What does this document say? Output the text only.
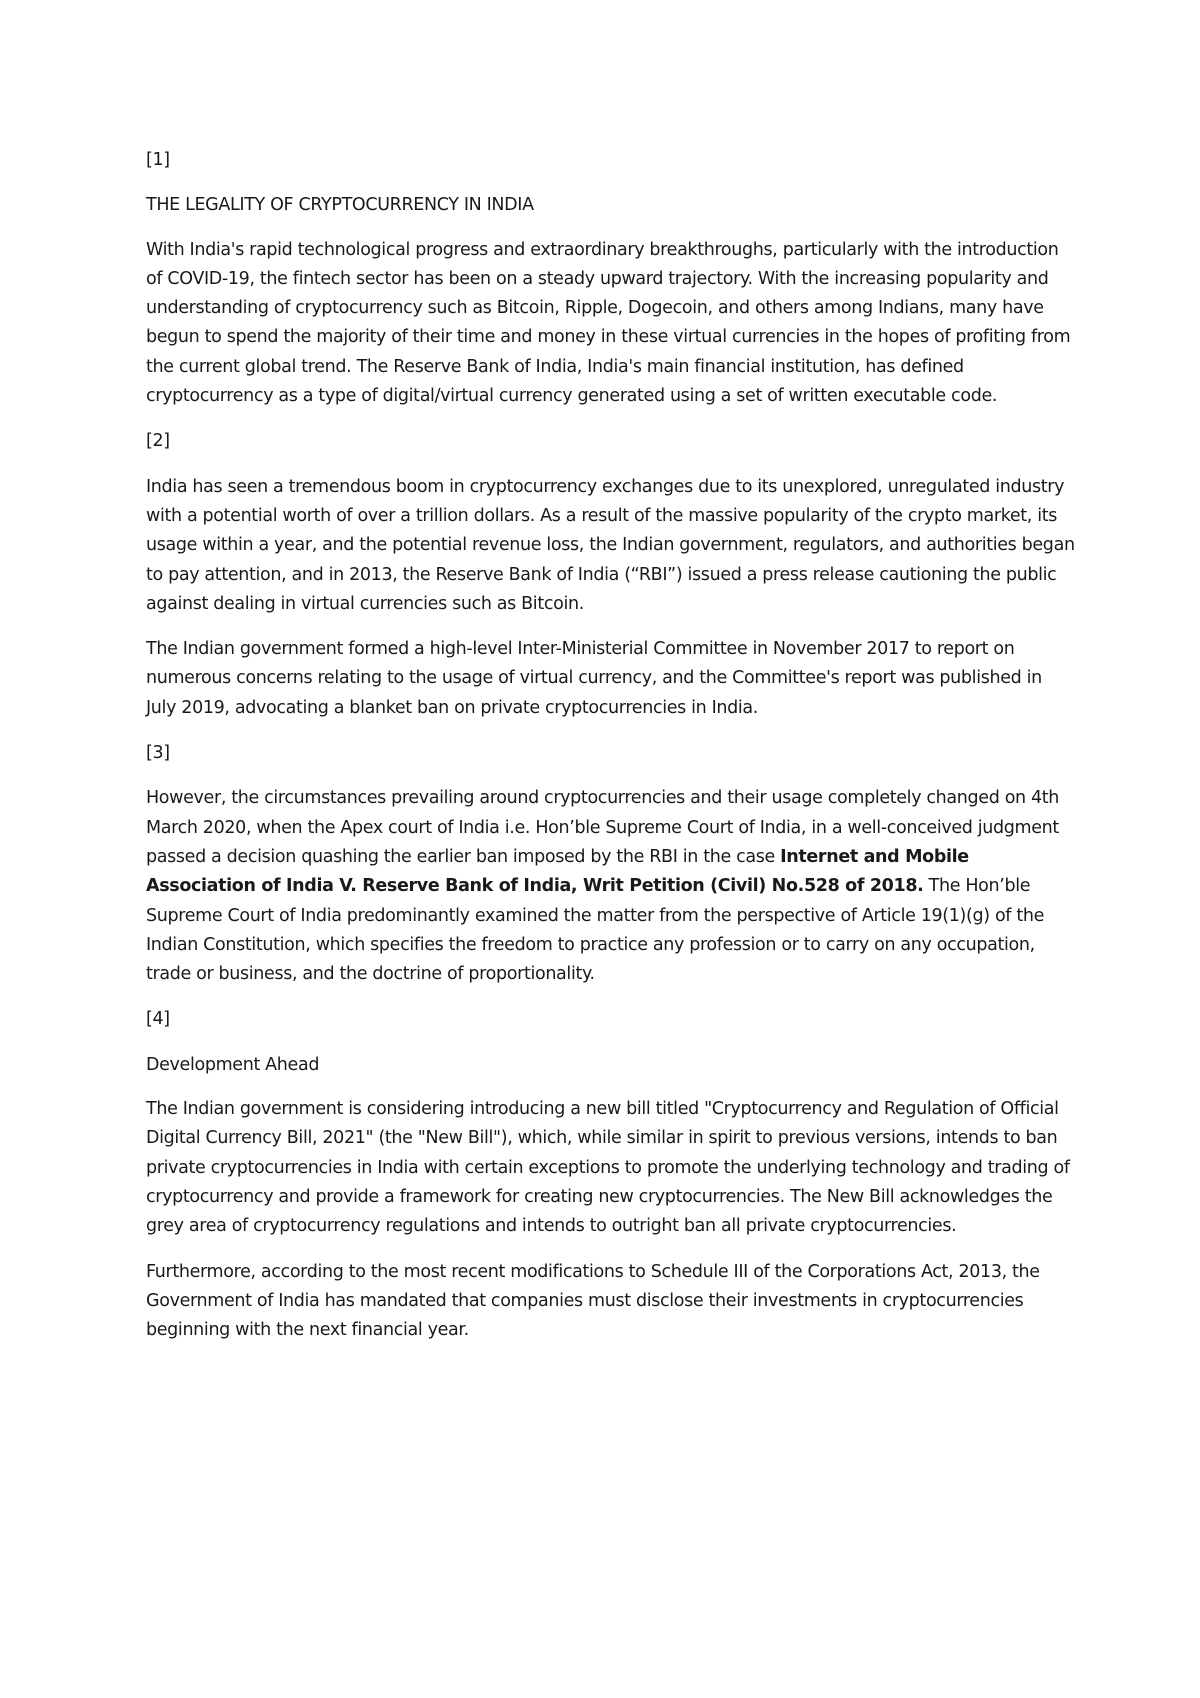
[1]

THE LEGALITY OF CRYPTOCURRENCY IN INDIA

With India's rapid technological progress and extraordinary breakthroughs, particularly with the introduction of COVID-19, the fintech sector has been on a steady upward trajectory. With the increasing popularity and understanding of cryptocurrency such as Bitcoin, Ripple, Dogecoin, and others among Indians, many have begun to spend the majority of their time and money in these virtual currencies in the hopes of profiting from the current global trend. The Reserve Bank of India, India's main financial institution, has defined cryptocurrency as a type of digital/virtual currency generated using a set of written executable code.

[2]

India has seen a tremendous boom in cryptocurrency exchanges due to its unexplored, unregulated industry with a potential worth of over a trillion dollars. As a result of the massive popularity of the crypto market, its usage within a year, and the potential revenue loss, the Indian government, regulators, and authorities began to pay attention, and in 2013, the Reserve Bank of India (“RBI”) issued a press release cautioning the public against dealing in virtual currencies such as Bitcoin.

The Indian government formed a high-level Inter-Ministerial Committee in November 2017 to report on numerous concerns relating to the usage of virtual currency, and the Committee's report was published in July 2019, advocating a blanket ban on private cryptocurrencies in India.

[3]

However, the circumstances prevailing around cryptocurrencies and their usage completely changed on 4th March 2020, when the Apex court of India i.e. Hon’ble Supreme Court of India, in a well-conceived judgment passed a decision quashing the earlier ban imposed by the RBI in the case Internet and Mobile Association of India V. Reserve Bank of India, Writ Petition (Civil) No.528 of 2018. The Hon’ble Supreme Court of India predominantly examined the matter from the perspective of Article 19(1)(g) of the Indian Constitution, which specifies the freedom to practice any profession or to carry on any occupation, trade or business, and the doctrine of proportionality.

[4]

Development Ahead

The Indian government is considering introducing a new bill titled "Cryptocurrency and Regulation of Official Digital Currency Bill, 2021" (the "New Bill"), which, while similar in spirit to previous versions, intends to ban private cryptocurrencies in India with certain exceptions to promote the underlying technology and trading of cryptocurrency and provide a framework for creating new cryptocurrencies. The New Bill acknowledges the grey area of cryptocurrency regulations and intends to outright ban all private cryptocurrencies.

Furthermore, according to the most recent modifications to Schedule III of the Corporations Act, 2013, the Government of India has mandated that companies must disclose their investments in cryptocurrencies beginning with the next financial year.
